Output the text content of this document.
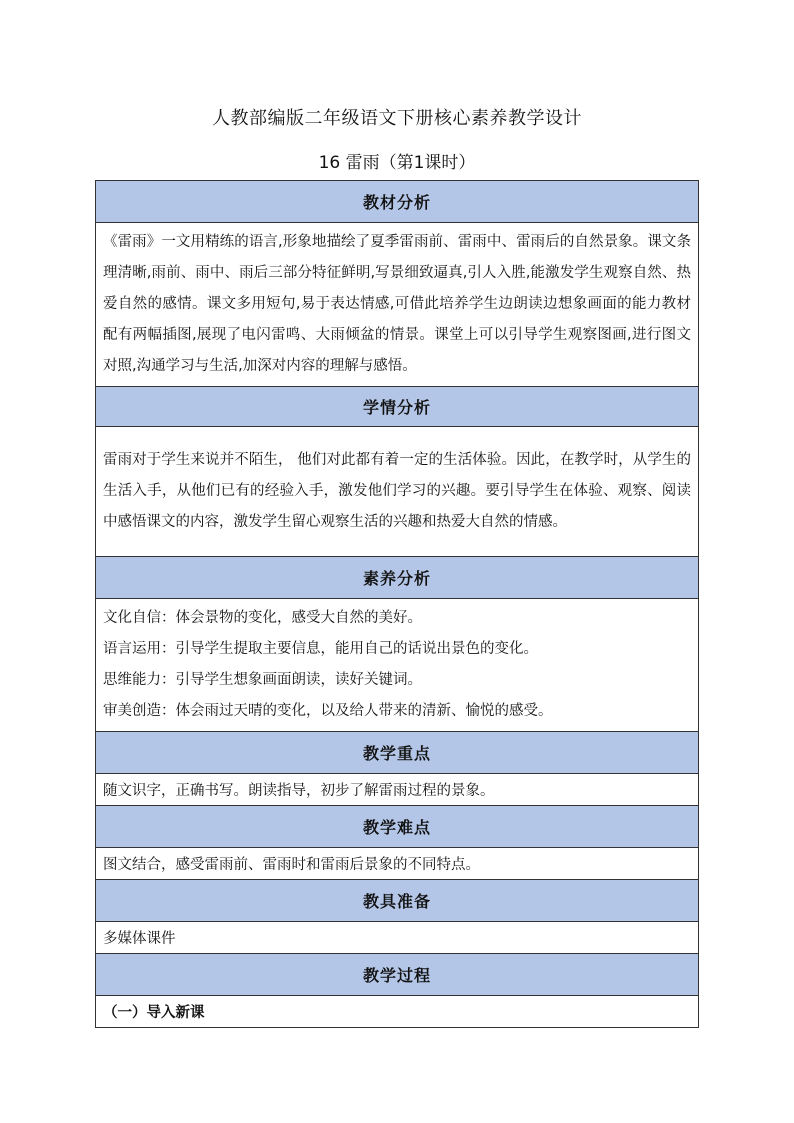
人教部编版二年级语文下册核心素养教学设计
16 雷雨（第1课时）
教材分析
《雷雨》一文用精练的语言,形象地描绘了夏季雷雨前、雷雨中、雷雨后的自然景象。课文条理清晰,雨前、雨中、雨后三部分特征鲜明,写景细致逼真,引人入胜,能激发学生观察自然、热爱自然的感情。课文多用短句,易于表达情感,可借此培养学生边朗读边想象画面的能力教材配有两幅插图,展现了电闪雷鸣、大雨倾盆的情景。课堂上可以引导学生观察图画,进行图文对照,沟通学习与生活,加深对内容的理解与感悟。
学情分析
雷雨对于学生来说并不陌生， 他们对此都有着一定的生活体验。因此，在教学时，从学生的生活入手，从他们已有的经验入手，激发他们学习的兴趣。要引导学生在体验、观察、阅读中感悟课文的内容，激发学生留心观察生活的兴趣和热爱大自然的情感。
素养分析

文化自信：体会景物的变化，感受大自然的美好。
语言运用：引导学生提取主要信息，能用自己的话说出景色的变化。
思维能力：引导学生想象画面朗读，读好关键词。
审美创造：体会雨过天晴的变化，以及给人带来的清新、愉悦的感受。

教学重点
随文识字，正确书写。朗读指导，初步了解雷雨过程的景象。
教学难点
图文结合，感受雷雨前、雷雨时和雷雨后景象的不同特点。
教具准备
多媒体课件
教学过程
（一）导入新课
